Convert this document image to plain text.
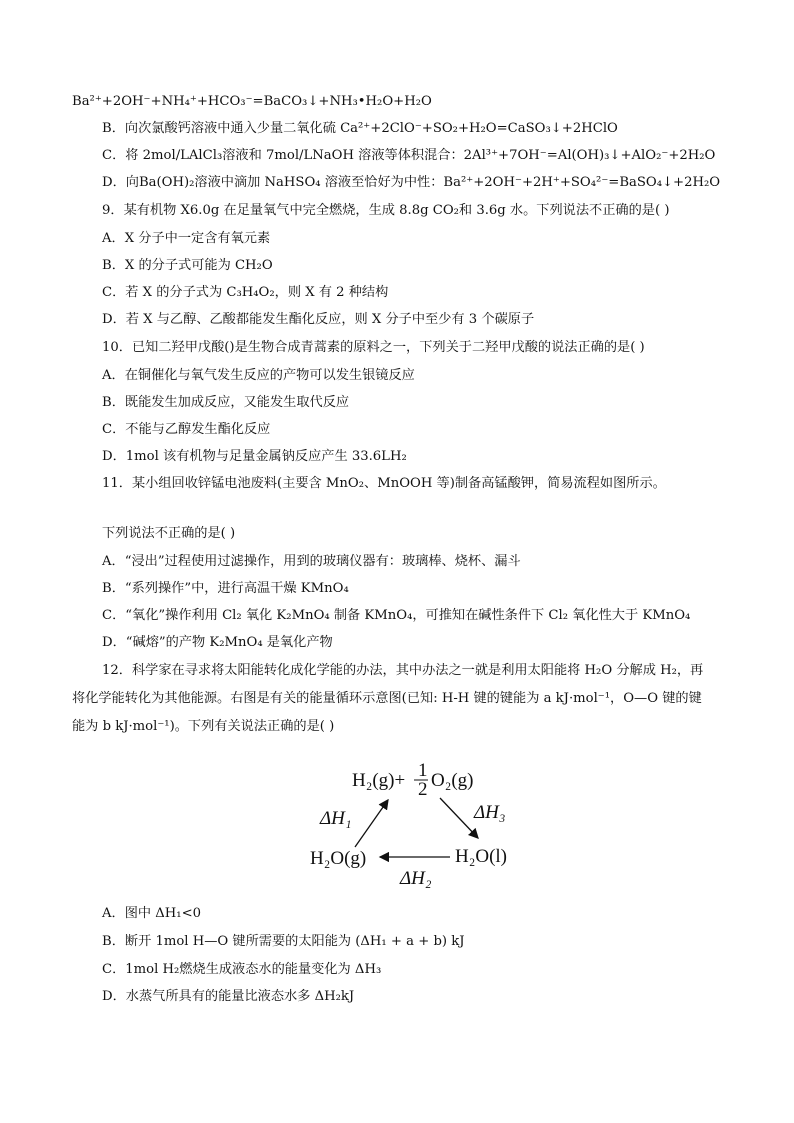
Ba²⁺+2OH⁻+NH₄⁺+HCO₃⁻=BaCO₃↓+NH₃•H₂O+H₂O
B．向次氯酸钙溶液中通入少量二氧化硫 Ca²⁺+2ClO⁻+SO₂+H₂O=CaSO₃↓+2HClO
C．将 2mol/LAlCl₃溶液和 7mol/LNaOH 溶液等体积混合：2Al³⁺+7OH⁻=Al(OH)₃↓+AlO₂⁻+2H₂O
D．向Ba(OH)₂溶液中滴加 NaHSO₄ 溶液至恰好为中性：Ba²⁺+2OH⁻+2H⁺+SO₄²⁻=BaSO₄↓+2H₂O
9．某有机物 X6.0g 在足量氧气中完全燃烧，生成 8.8g CO₂和 3.6g 水。下列说法不正确的是( )
A．X 分子中一定含有氧元素
B．X 的分子式可能为 CH₂O
C．若 X 的分子式为 C₃H₄O₂，则 X 有 2 种结构
D．若 X 与乙醇、乙酸都能发生酯化反应，则 X 分子中至少有 3 个碳原子
10．已知二羟甲戊酸()是生物合成青蒿素的原料之一，下列关于二羟甲戊酸的说法正确的是( )
A．在铜催化与氧气发生反应的产物可以发生银镜反应
B．既能发生加成反应，又能发生取代反应
C．不能与乙醇发生酯化反应
D．1mol 该有机物与足量金属钠反应产生 33.6LH₂
11．某小组回收锌锰电池废料(主要含 MnO₂、MnOOH 等)制备高锰酸钾，简易流程如图所示。
下列说法不正确的是( )
A．“浸出”过程使用过滤操作，用到的玻璃仪器有：玻璃棒、烧杯、漏斗
B．“系列操作”中，进行高温干燥 KMnO₄
C．“氧化”操作利用 Cl₂ 氧化 K₂MnO₄ 制备 KMnO₄，可推知在碱性条件下 Cl₂ 氧化性大于 KMnO₄
D．“碱熔”的产物 K₂MnO₄ 是氧化产物
12．科学家在寻求将太阳能转化成化学能的办法，其中办法之一就是利用太阳能将 H₂O 分解成 H₂，再
将化学能转化为其他能源。右图是有关的能量循环示意图(已知: H-H 键的键能为 a kJ·mol⁻¹，O—O 键的键
能为 b kJ·mol⁻¹)。下列有关说法正确的是( )
H₂(g)+ 1
2 O₂(g)
ΔH₁	ΔH₃
ΔH₂
H₂O(g)	H₂O(l)
A．图中 ΔH₁<0
B．断开 1mol H—O 键所需要的太阳能为 (ΔH₁ + a + b) kJ
C．1mol H₂燃烧生成液态水的能量变化为 ΔH₃
D．水蒸气所具有的能量比液态水多 ΔH₂kJ
